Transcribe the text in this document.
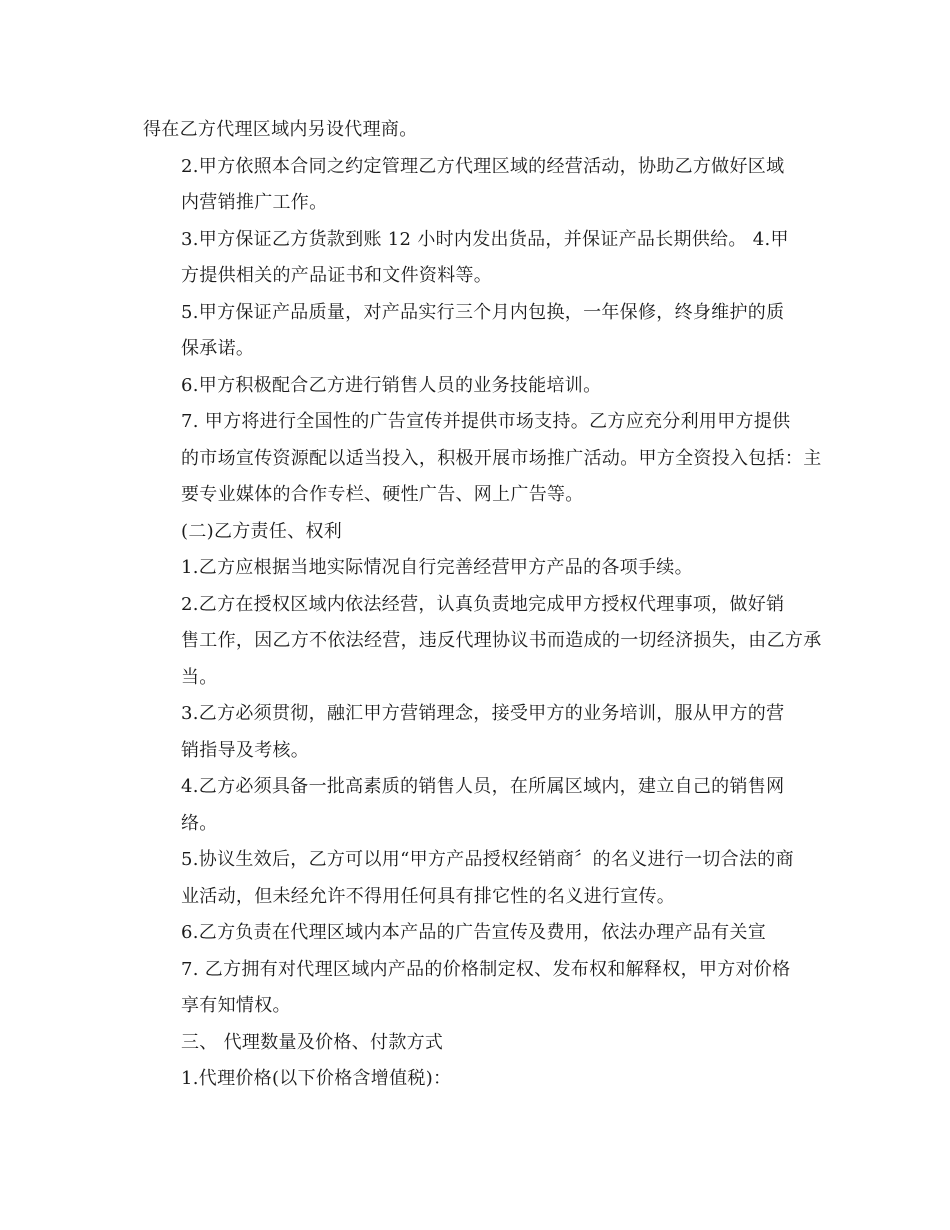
得在乙方代理区域内另设代理商。

2.甲方依照本合同之约定管理乙方代理区域的经营活动，协助乙方做好区域
内营销推广工作。

3.甲方保证乙方货款到账 12 小时内发出货品，并保证产品长期供给。 4.甲
方提供相关的产品证书和文件资料等。

5.甲方保证产品质量，对产品实行三个月内包换，一年保修，终身维护的质
保承诺。

6.甲方积极配合乙方进行销售人员的业务技能培训。

7. 甲方将进行全国性的广告宣传并提供市场支持。乙方应充分利用甲方提供
的市场宣传资源配以适当投入，积极开展市场推广活动。甲方全资投入包括：主
要专业媒体的合作专栏、硬性广告、网上广告等。

(二)乙方责任、权利

1.乙方应根据当地实际情况自行完善经营甲方产品的各项手续。

2.乙方在授权区域内依法经营，认真负责地完成甲方授权代理事项，做好销
售工作，因乙方不依法经营，违反代理协议书而造成的一切经济损失，由乙方承
当。

3.乙方必须贯彻，融汇甲方营销理念，接受甲方的业务培训，服从甲方的营
销指导及考核。

4.乙方必须具备一批高素质的销售人员，在所属区域内，建立自己的销售网
络。

5.协议生效后，乙方可以用“甲方产品授权经销商〞的名义进行一切合法的商
业活动，但未经允许不得用任何具有排它性的名义进行宣传。

6.乙方负责在代理区域内本产品的广告宣传及费用，依法办理产品有关宣

7. 乙方拥有对代理区域内产品的价格制定权、发布权和解释权，甲方对价格
享有知情权。

三、 代理数量及价格、付款方式

1.代理价格(以下价格含增值税)：
